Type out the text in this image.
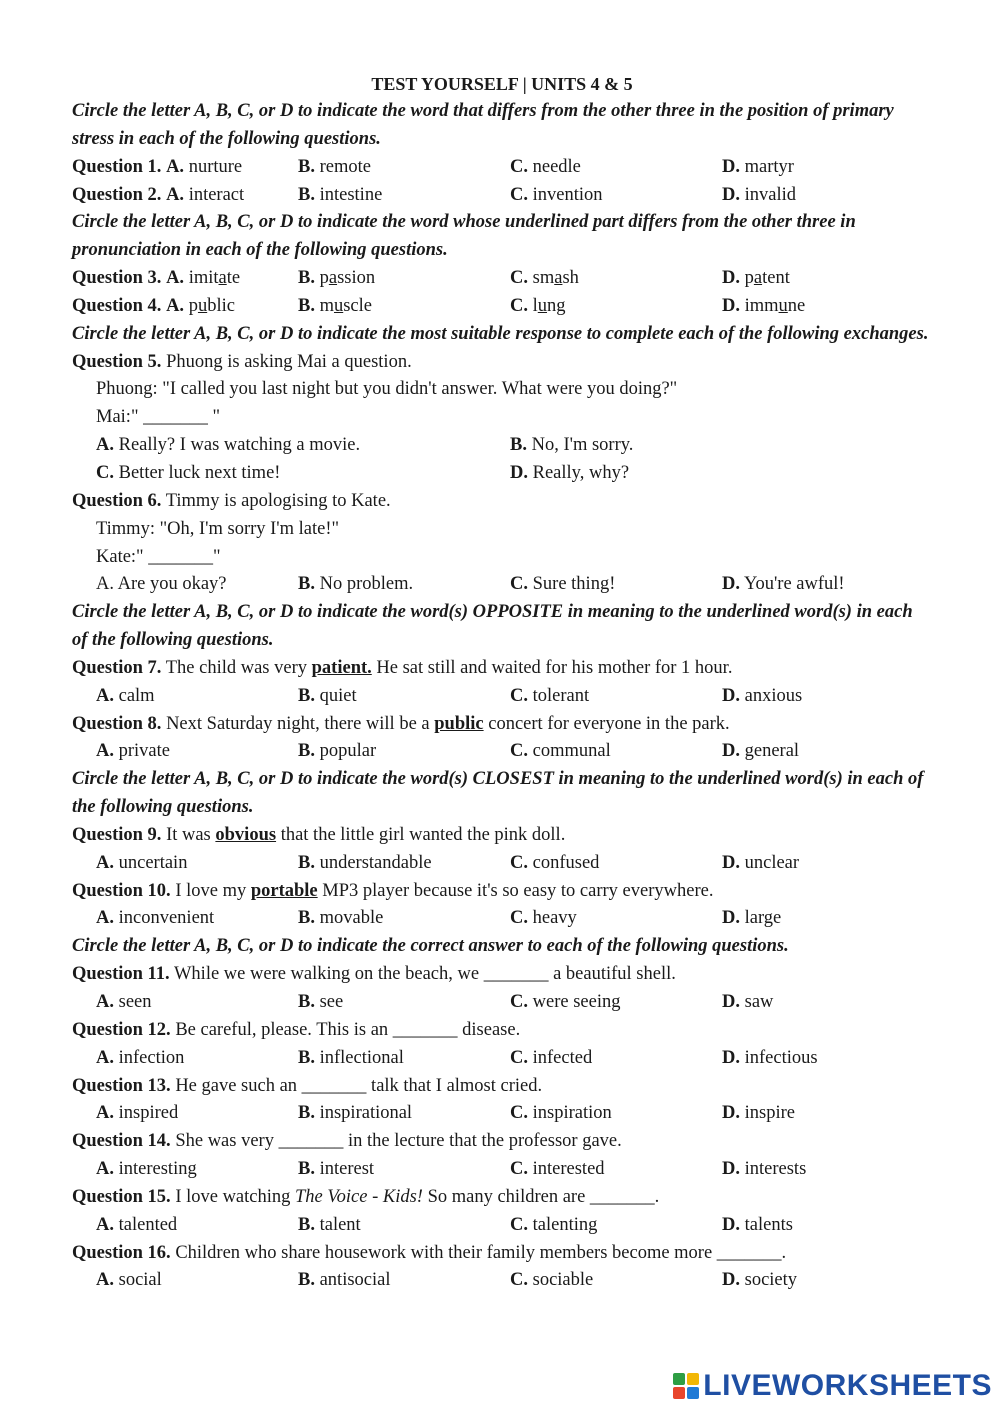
TEST YOURSELF | UNITS 4 & 5
Circle the letter A, B, C, or D to indicate the word that differs from the other three in the position of primary stress in each of the following questions.
Question 1. A. nurture	B. remote	C. needle	D. martyr
Question 2. A. interact	B. intestine	C. invention	D. invalid
Circle the letter A, B, C, or D to indicate the word whose underlined part differs from the other three in pronunciation in each of the following questions.
Question 3. A. imitate	B. passion	C. smash	D. patent
Question 4. A. public	B. muscle	C. lung	D. immune
Circle the letter A, B, C, or D to indicate the most suitable response to complete each of the following exchanges.
Question 5. Phuong is asking Mai a question.
Phuong: "I called you last night but you didn't answer. What were you doing?"
Mai:" _______ "
A. Really? I was watching a movie.	B. No, I'm sorry.
C. Better luck next time!	D. Really, why?
Question 6. Timmy is apologising to Kate.
Timmy: "Oh, I'm sorry I'm late!"
Kate:" _______"
A. Are you okay?	B. No problem.	C. Sure thing!	D. You're awful!
Circle the letter A, B, C, or D to indicate the word(s) OPPOSITE in meaning to the underlined word(s) in each of the following questions.
Question 7. The child was very patient. He sat still and waited for his mother for 1 hour.
A. calm	B. quiet	C. tolerant	D. anxious
Question 8. Next Saturday night, there will be a public concert for everyone in the park.
A. private	B. popular	C. communal	D. general
Circle the letter A, B, C, or D to indicate the word(s) CLOSEST in meaning to the underlined word(s) in each of the following questions.
Question 9. It was obvious that the little girl wanted the pink doll.
A. uncertain	B. understandable	C. confused	D. unclear
Question 10. I love my portable MP3 player because it's so easy to carry everywhere.
A. inconvenient	B. movable	C. heavy	D. large
Circle the letter A, B, C, or D to indicate the correct answer to each of the following questions.
Question 11. While we were walking on the beach, we _______ a beautiful shell.
A. seen	B. see	C. were seeing	D. saw
Question 12. Be careful, please. This is an _______ disease.
A. infection	B. inflectional	C. infected	D. infectious
Question 13. He gave such an _______ talk that I almost cried.
A. inspired	B. inspirational	C. inspiration	D. inspire
Question 14. She was very _______ in the lecture that the professor gave.
A. interesting	B. interest	C. interested	D. interests
Question 15. I love watching The Voice - Kids! So many children are _______.
A. talented	B. talent	C. talenting	D. talents
Question 16. Children who share housework with their family members become more _______.
A. social	B. antisocial	C. sociable	D. society
LIVEWORKSHEETS
